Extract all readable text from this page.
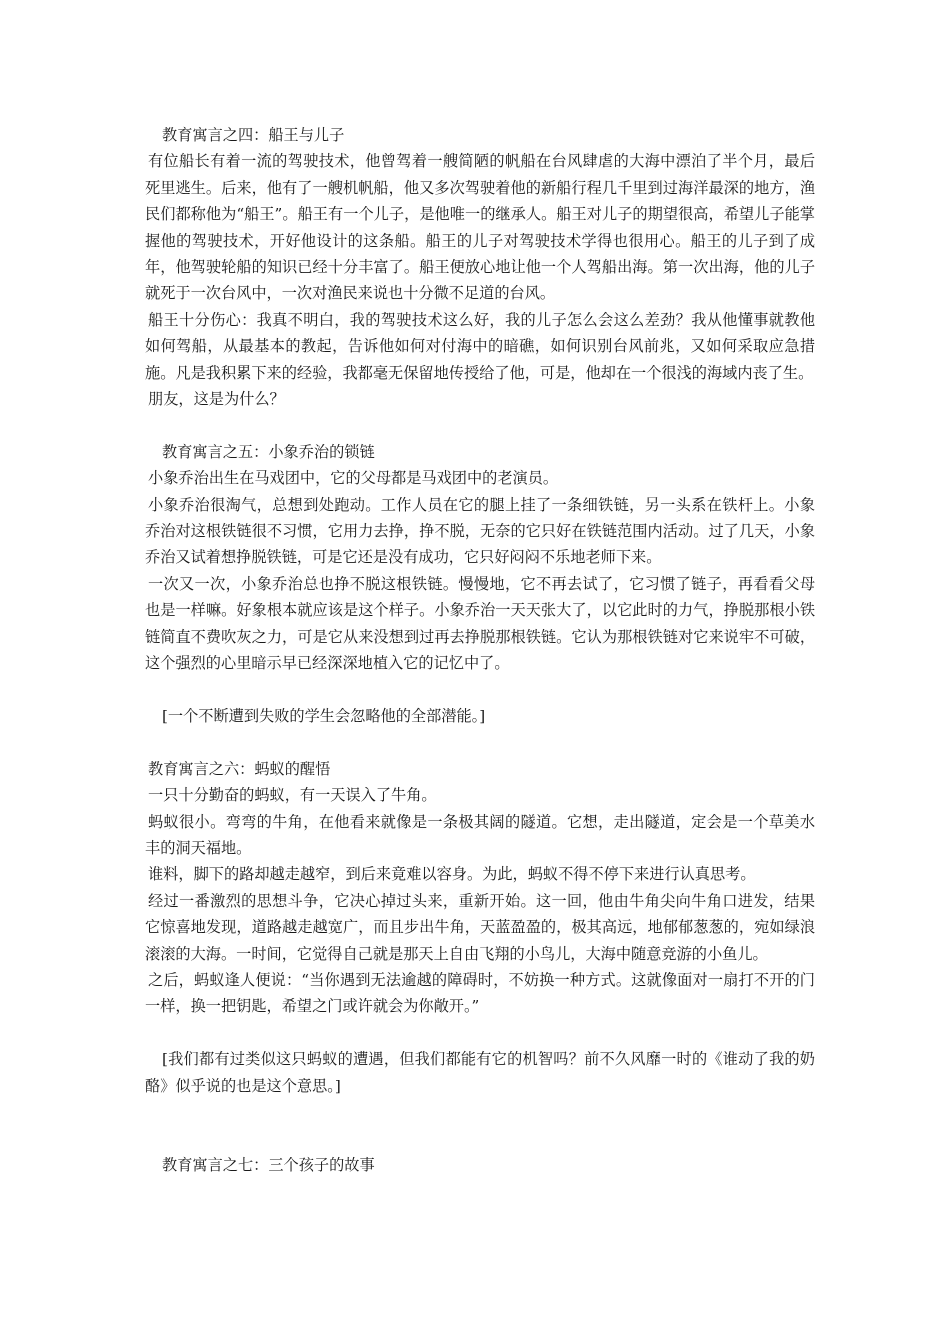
教育寓言之四：船王与儿子

有位船长有着一流的驾驶技术，他曾驾着一艘简陋的帆船在台风肆虐的大海中漂泊了半个月，最后死里逃生。后来，他有了一艘机帆船，他又多次驾驶着他的新船行程几千里到过海洋最深的地方，渔民们都称他为“船王”。船王有一个儿子，是他唯一的继承人。船王对儿子的期望很高，希望儿子能掌握他的驾驶技术，开好他设计的这条船。船王的儿子对驾驶技术学得也很用心。船王的儿子到了成年，他驾驶轮船的知识已经十分丰富了。船王便放心地让他一个人驾船出海。第一次出海，他的儿子就死于一次台风中，一次对渔民来说也十分微不足道的台风。

船王十分伤心：我真不明白，我的驾驶技术这么好，我的儿子怎么会这么差劲？我从他懂事就教他如何驾船，从最基本的教起，告诉他如何对付海中的暗礁，如何识别台风前兆，又如何采取应急措施。凡是我积累下来的经验，我都毫无保留地传授给了他，可是，他却在一个很浅的海域内丧了生。

朋友，这是为什么？

教育寓言之五：小象乔治的锁链

小象乔治出生在马戏团中，它的父母都是马戏团中的老演员。

小象乔治很淘气，总想到处跑动。工作人员在它的腿上挂了一条细铁链，另一头系在铁杆上。小象乔治对这根铁链很不习惯，它用力去挣，挣不脱，无奈的它只好在铁链范围内活动。过了几天，小象乔治又试着想挣脱铁链，可是它还是没有成功，它只好闷闷不乐地老师下来。

一次又一次，小象乔治总也挣不脱这根铁链。慢慢地，它不再去试了，它习惯了链子，再看看父母也是一样嘛。好象根本就应该是这个样子。小象乔治一天天张大了，以它此时的力气，挣脱那根小铁链简直不费吹灰之力，可是它从来没想到过再去挣脱那根铁链。它认为那根铁链对它来说牢不可破，这个强烈的心里暗示早已经深深地植入它的记忆中了。

[一个不断遭到失败的学生会忽略他的全部潜能。]

教育寓言之六：蚂蚁的醒悟

一只十分勤奋的蚂蚁，有一天误入了牛角。

蚂蚁很小。弯弯的牛角，在他看来就像是一条极其阔的隧道。它想，走出隧道，定会是一个草美水丰的洞天福地。

谁料，脚下的路却越走越窄，到后来竟难以容身。为此，蚂蚁不得不停下来进行认真思考。

经过一番激烈的思想斗争，它决心掉过头来，重新开始。这一回，他由牛角尖向牛角口进发，结果它惊喜地发现，道路越走越宽广，而且步出牛角，天蓝盈盈的，极其高远，地郁郁葱葱的，宛如绿浪滚滚的大海。一时间，它觉得自己就是那天上自由飞翔的小鸟儿，大海中随意竞游的小鱼儿。

之后，蚂蚁逢人便说：“当你遇到无法逾越的障碍时，不妨换一种方式。这就像面对一扇打不开的门一样，换一把钥匙，希望之门或许就会为你敞开。”

[我们都有过类似这只蚂蚁的遭遇，但我们都能有它的机智吗？前不久风靡一时的《谁动了我的奶酪》似乎说的也是这个意思。]

教育寓言之七：三个孩子的故事
